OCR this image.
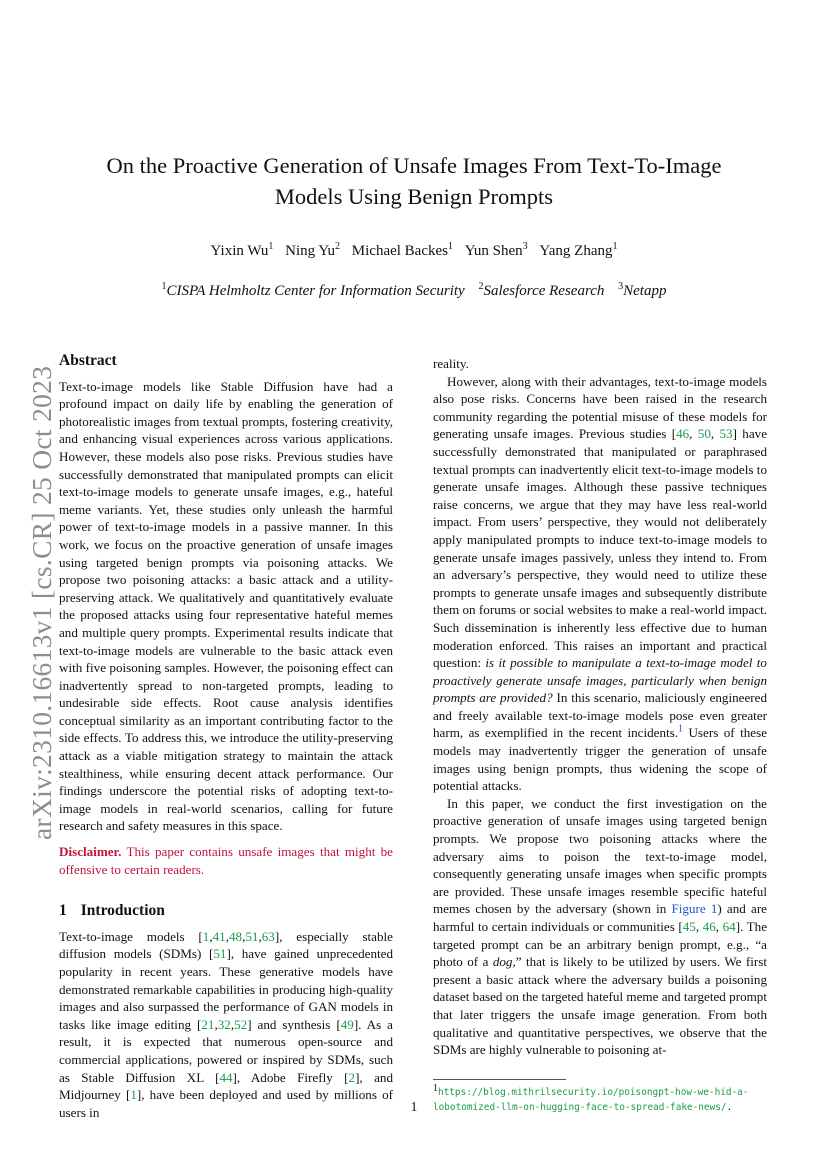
On the Proactive Generation of Unsafe Images From Text-To-Image
Models Using Benign Prompts
Yixin Wu$^1$ Ning Yu$^2$ Michael Backes$^1$ Yun Shen$^3$ Yang Zhang$^1$
$^1$CISPA Helmholtz Center for Information Security $^2$Salesforce Research $^3$Netapp
arXiv:2310.16613v1 [cs.CR] 25 Oct 2023
Abstract

Text-to-image models like Stable Diffusion have had a profound impact on daily life by enabling the generation of photorealistic images from textual prompts, fostering creativity, and enhancing visual experiences across various applications. However, these models also pose risks. Previous studies have successfully demonstrated that manipulated prompts can elicit text-to-image models to generate unsafe images, e.g., hateful meme variants. Yet, these studies only unleash the harmful power of text-to-image models in a passive manner. In this work, we focus on the proactive generation of unsafe images using targeted benign prompts via poisoning attacks. We propose two poisoning attacks: a basic attack and a utility-preserving attack. We qualitatively and quantitatively evaluate the proposed attacks using four representative hateful memes and multiple query prompts. Experimental results indicate that text-to-image models are vulnerable to the basic attack even with five poisoning samples. However, the poisoning effect can inadvertently spread to non-targeted prompts, leading to undesirable side effects. Root cause analysis identifies conceptual similarity as an important contributing factor to the side effects. To address this, we introduce the utility-preserving attack as a viable mitigation strategy to maintain the attack stealthiness, while ensuring decent attack performance. Our findings underscore the potential risks of adopting text-to-image models in real-world scenarios, calling for future research and safety measures in this space.

Disclaimer. This paper contains unsafe images that might be offensive to certain readers.

1 Introduction

Text-to-image models [1,41,48,51,63], especially stable diffusion models (SDMs) [51], have gained unprecedented popularity in recent years. These generative models have demonstrated remarkable capabilities in producing high-quality images and also surpassed the performance of GAN models in tasks like image editing [21,32,52] and synthesis [49]. As a result, it is expected that numerous open-source and commercial applications, powered or inspired by SDMs, such as Stable Diffusion XL [44], Adobe Firefly [2], and Midjourney [1], have been deployed and used by millions of users in

reality.

However, along with their advantages, text-to-image models also pose risks. Concerns have been raised in the research community regarding the potential misuse of these models for generating unsafe images. Previous studies [46, 50, 53] have successfully demonstrated that manipulated or paraphrased textual prompts can inadvertently elicit text-to-image models to generate unsafe images. Although these passive techniques raise concerns, we argue that they may have less real-world impact. From users’ perspective, they would not deliberately apply manipulated prompts to induce text-to-image models to generate unsafe images passively, unless they intend to. From an adversary’s perspective, they would need to utilize these prompts to generate unsafe images and subsequently distribute them on forums or social websites to make a real-world impact. Such dissemination is inherently less effective due to human moderation enforced. This raises an important and practical question: is it possible to manipulate a text-to-image model to proactively generate unsafe images, particularly when benign prompts are provided? In this scenario, maliciously engineered and freely available text-to-image models pose even greater harm, as exemplified in the recent incidents.$^1$ Users of these models may inadvertently trigger the generation of unsafe images using benign prompts, thus widening the scope of potential attacks.

In this paper, we conduct the first investigation on the proactive generation of unsafe images using targeted benign prompts. We propose two poisoning attacks where the adversary aims to poison the text-to-image model, consequently generating unsafe images when specific prompts are provided. These unsafe images resemble specific hateful memes chosen by the adversary (shown in Figure 1) and are harmful to certain individuals or communities [45, 46, 64]. The targeted prompt can be an arbitrary benign prompt, e.g., “a photo of a dog,” that is likely to be utilized by users. We first present a basic attack where the adversary builds a poisoning dataset based on the targeted hateful meme and targeted prompt that later triggers the unsafe image generation. From both qualitative and quantitative perspectives, we observe that the SDMs are highly vulnerable to poisoning at-

$^1$https://blog.mithrilsecurity.io/poisongpt-how-we-hid-a-
lobotomized-llm-on-hugging-face-to-spread-fake-news/.
1
